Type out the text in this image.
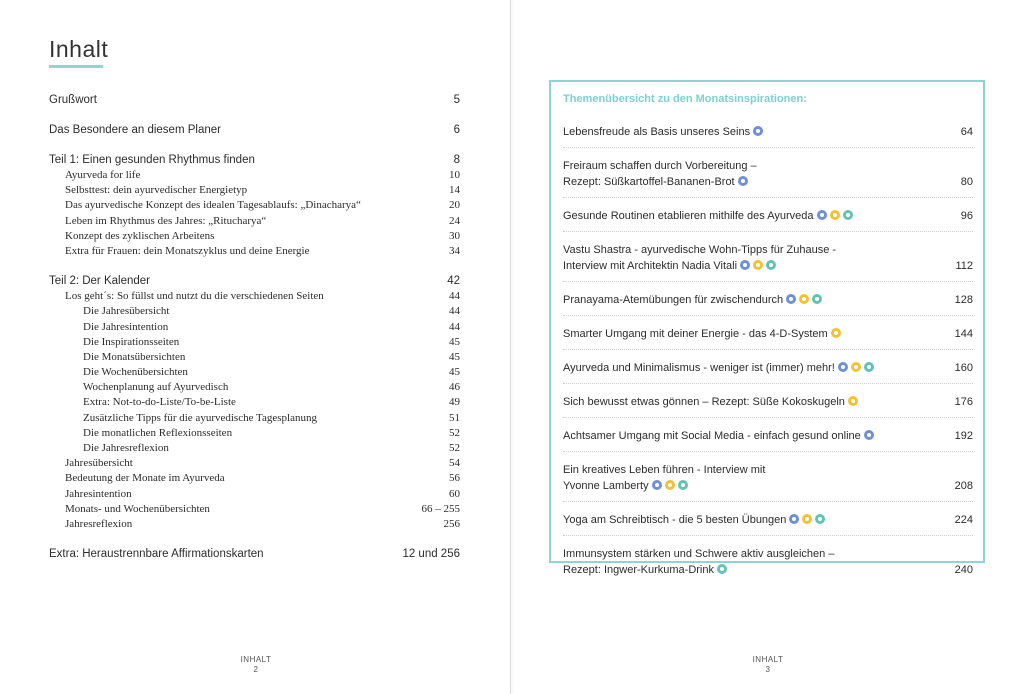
Inhalt
Grußwort	5
Das Besondere an diesem Planer	6
Teil 1: Einen gesunden Rhythmus finden	8
Ayurveda for life	10
Selbsttest: dein ayurvedischer Energietyp	14
Das ayurvedische Konzept des idealen Tagesablaufs: „Dinacharya“	20
Leben im Rhythmus des Jahres: „Ritucharya“	24
Konzept des zyklischen Arbeitens	30
Extra für Frauen: dein Monatszyklus und deine Energie	34
Teil 2: Der Kalender	42
Los geht´s: So füllst und nutzt du die verschiedenen Seiten	44
Die Jahresübersicht	44
Die Jahresintention	44
Die Inspirationsseiten	45
Die Monatsübersichten	45
Die Wochenübersichten	45
Wochenplanung auf Ayurvedisch	46
Extra: Not-to-do-Liste/To-be-Liste	49
Zusätzliche Tipps für die ayurvedische Tagesplanung	51
Die monatlichen Reflexionsseiten	52
Die Jahresreflexion	52
Jahresübersicht	54
Bedeutung der Monate im Ayurveda	56
Jahresintention	60
Monats- und Wochenübersichten	66 – 255
Jahresreflexion	256
Extra: Heraustrennbare Affirmationskarten	12 und 256
INHALT
2
Themenübersicht zu den Monatsinspirationen:
Lebensfreude als Basis unseres Seins	64
Freiraum schaffen durch Vorbereitung –
Rezept: Süßkartoffel-Bananen-Brot	80
Gesunde Routinen etablieren mithilfe des Ayurveda	96
Vastu Shastra - ayurvedische Wohn-Tipps für Zuhause -
Interview mit Architektin Nadia Vitali	112
Pranayama-Atemübungen für zwischendurch	128
Smarter Umgang mit deiner Energie - das 4-D-System	144
Ayurveda und Minimalismus - weniger ist (immer) mehr!	160
Sich bewusst etwas gönnen – Rezept: Süße Kokoskugeln	176
Achtsamer Umgang mit Social Media - einfach gesund online	192
Ein kreatives Leben führen - Interview mit
Yvonne Lamberty	208
Yoga am Schreibtisch - die 5 besten Übungen	224
Immunsystem stärken und Schwere aktiv ausgleichen –
Rezept: Ingwer-Kurkuma-Drink	240
INHALT
3
